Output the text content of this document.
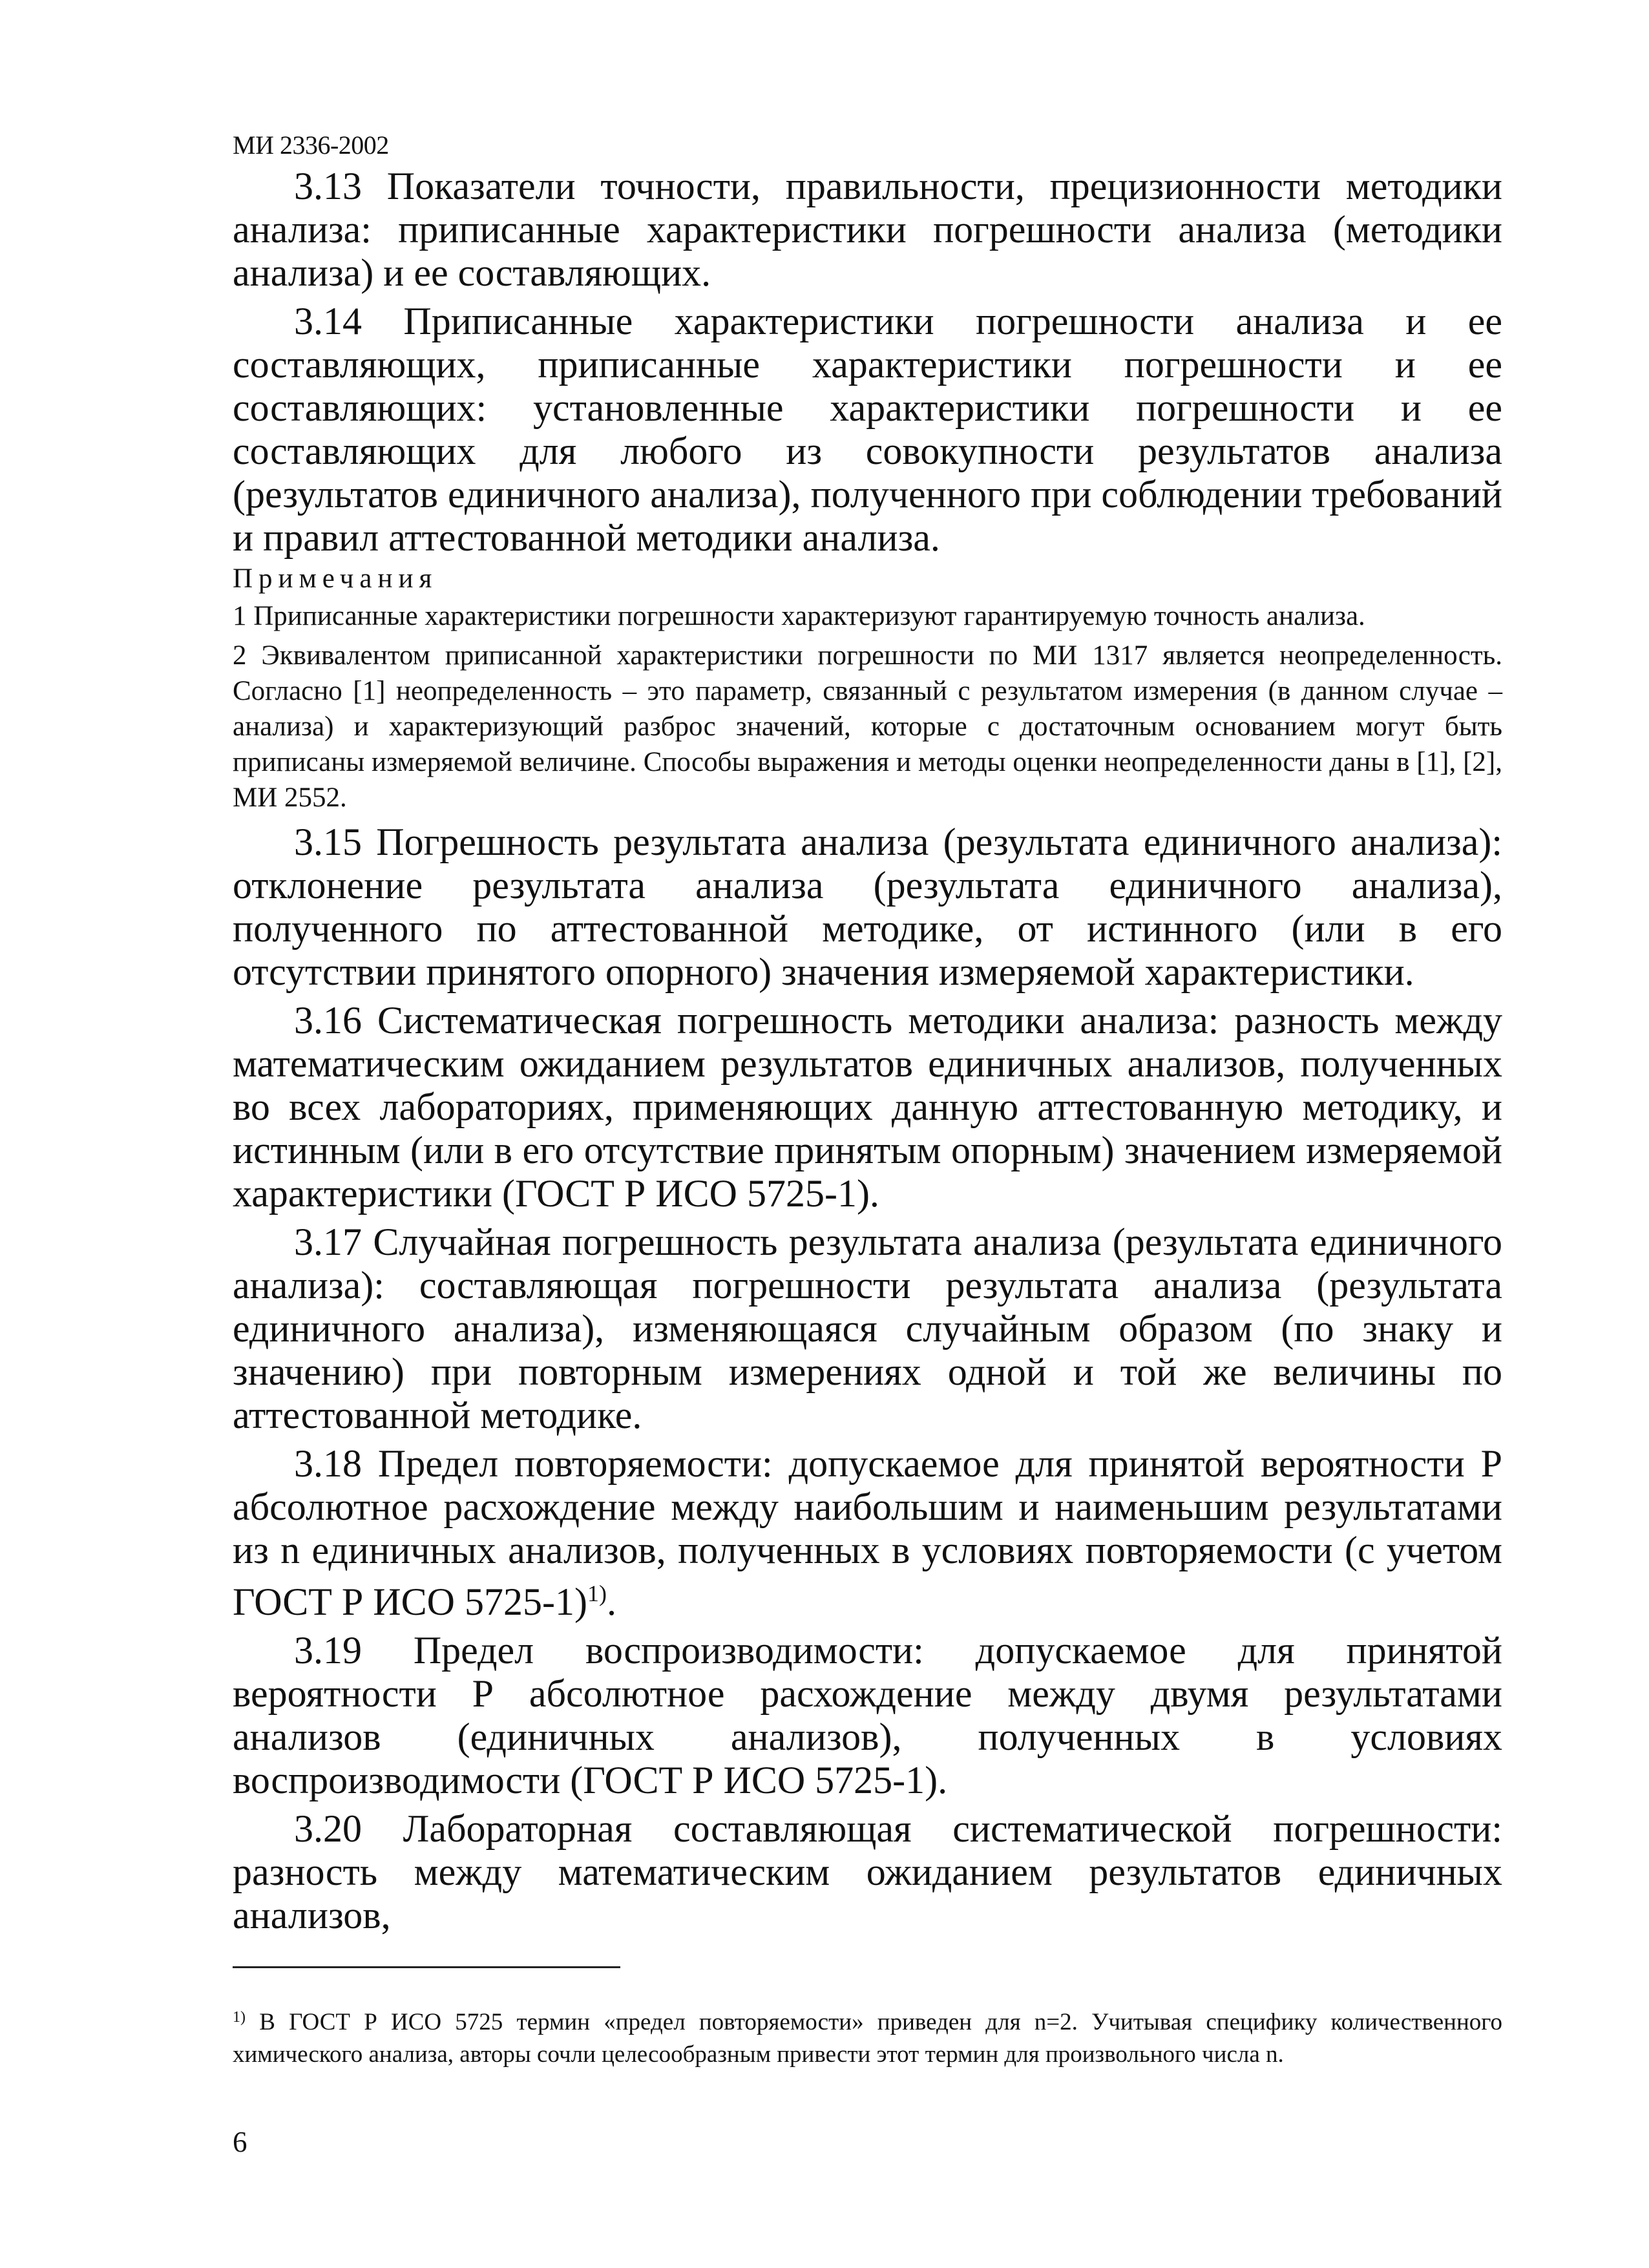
МИ 2336-2002

3.13 Показатели точности, правильности, прецизионности методики анализа: приписанные характеристики погрешности анализа (методики анализа) и ее составляющих.

3.14 Приписанные характеристики погрешности анализа и ее составляющих, приписанные характеристики погрешности и ее составляющих: установленные характеристики погрешности и ее составляющих для любого из совокупности результатов анализа (результатов единичного анализа), полученного при соблюдении требований и правил аттестованной методики анализа.

Примечания

1 Приписанные характеристики погрешности характеризуют гарантируемую точность анализа.

2 Эквивалентом приписанной характеристики погрешности по МИ 1317 является неопределенность. Согласно [1] неопределенность – это параметр, связанный с результатом измерения (в данном случае – анализа) и характеризующий разброс значений, которые с достаточным основанием могут быть приписаны измеряемой величине. Способы выражения и методы оценки неопределенности даны в [1], [2], МИ 2552.

3.15 Погрешность результата анализа (результата единичного анализа): отклонение результата анализа (результата единичного анализа), полученного по аттестованной методике, от истинного (или в его отсутствии принятого опорного) значения измеряемой характеристики.

3.16 Систематическая погрешность методики анализа: разность между математическим ожиданием результатов единичных анализов, полученных во всех лабораториях, применяющих данную аттестованную методику, и истинным (или в его отсутствие принятым опорным) значением измеряемой характеристики (ГОСТ Р ИСО 5725-1).

3.17 Случайная погрешность результата анализа (результата единичного анализа): составляющая погрешности результата анализа (результата единичного анализа), изменяющаяся случайным образом (по знаку и значению) при повторным измерениях одной и той же величины по аттестованной методике.

3.18 Предел повторяемости: допускаемое для принятой вероятности Р абсолютное расхождение между наибольшим и наименьшим результатами из n единичных анализов, полученных в условиях повторяемости (с учетом ГОСТ Р ИСО 5725-1)$^{1)}$.

3.19 Предел воспроизводимости: допускаемое для принятой вероятности Р абсолютное расхождение между двумя результатами анализов (единичных анализов), полученных в условиях воспроизводимости (ГОСТ Р ИСО 5725-1).

3.20 Лабораторная составляющая систематической погрешности: разность между математическим ожиданием результатов единичных анализов,

$^{1)}$ В ГОСТ Р ИСО 5725 термин «предел повторяемости» приведен для n=2. Учитывая специфику количественного химического анализа, авторы сочли целесообразным привести этот термин для произвольного числа n.

6
